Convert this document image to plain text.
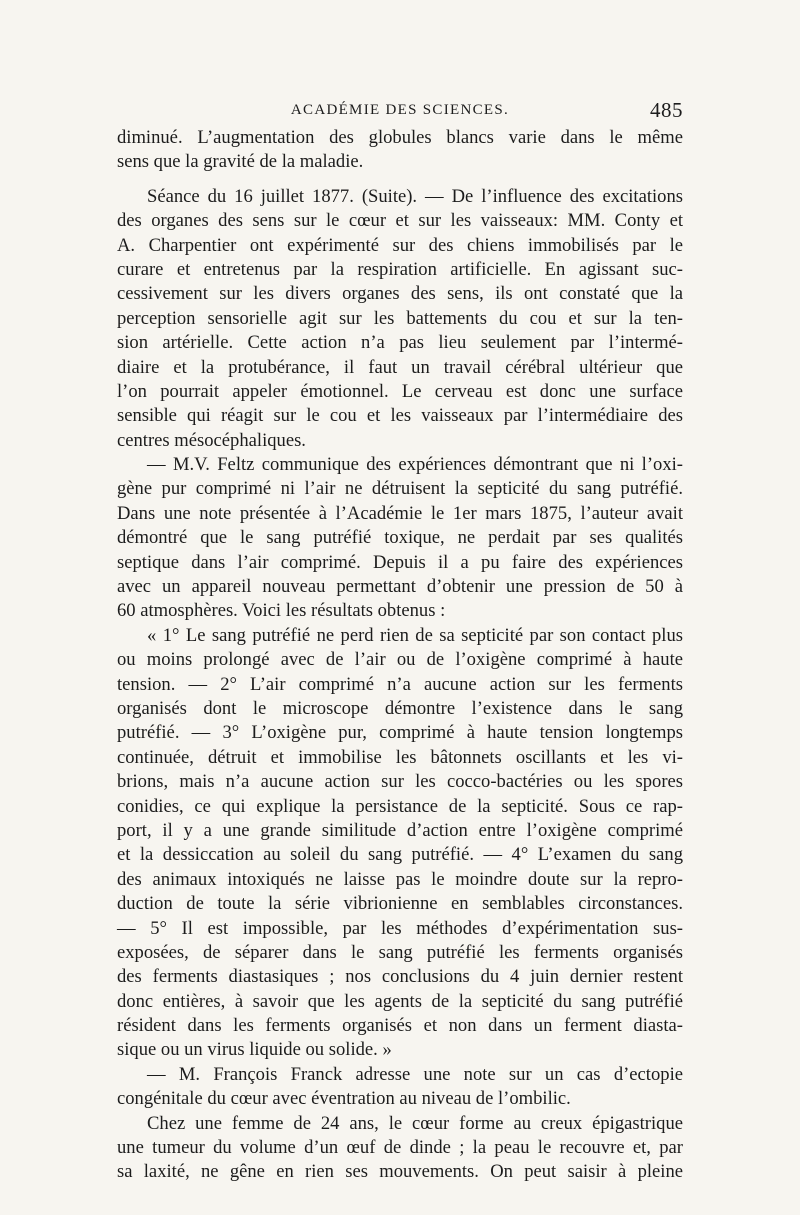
ACADÉMIE DES SCIENCES.	485
diminué. L’augmentation des globules blancs varie dans le même
sens que la gravité de la maladie.
Séance du 16 juillet 1877. (Suite). — De l’influence des excitations
des organes des sens sur le cœur et sur les vaisseaux: MM. Conty et
A. Charpentier ont expérimenté sur des chiens immobilisés par le
curare et entretenus par la respiration artificielle. En agissant suc-
cessivement sur les divers organes des sens, ils ont constaté que la
perception sensorielle agit sur les battements du cou et sur la ten-
sion artérielle. Cette action n’a pas lieu seulement par l’intermé-
diaire et la protubérance, il faut un travail cérébral ultérieur que
l’on pourrait appeler émotionnel. Le cerveau est donc une surface
sensible qui réagit sur le cou et les vaisseaux par l’intermédiaire des
centres mésocéphaliques.
— M.V. Feltz communique des expériences démontrant que ni l’oxi-
gène pur comprimé ni l’air ne détruisent la septicité du sang putréfié.
Dans une note présentée à l’Académie le 1er mars 1875, l’auteur avait
démontré que le sang putréfié toxique, ne perdait par ses qualités
septique dans l’air comprimé. Depuis il a pu faire des expériences
avec un appareil nouveau permettant d’obtenir une pression de 50 à
60 atmosphères. Voici les résultats obtenus :
« 1° Le sang putréfié ne perd rien de sa septicité par son contact plus
ou moins prolongé avec de l’air ou de l’oxigène comprimé à haute
tension. — 2° L’air comprimé n’a aucune action sur les ferments
organisés dont le microscope démontre l’existence dans le sang
putréfié. — 3° L’oxigène pur, comprimé à haute tension longtemps
continuée, détruit et immobilise les bâtonnets oscillants et les vi-
brions, mais n’a aucune action sur les cocco-bactéries ou les spores
conidies, ce qui explique la persistance de la septicité. Sous ce rap-
port, il y a une grande similitude d’action entre l’oxigène comprimé
et la dessiccation au soleil du sang putréfié. — 4° L’examen du sang
des animaux intoxiqués ne laisse pas le moindre doute sur la repro-
duction de toute la série vibrionienne en semblables circonstances.
— 5° Il est impossible, par les méthodes d’expérimentation sus-
exposées, de séparer dans le sang putréfié les ferments organisés
des ferments diastasiques ; nos conclusions du 4 juin dernier restent
donc entières, à savoir que les agents de la septicité du sang putréfié
résident dans les ferments organisés et non dans un ferment diasta-
sique ou un virus liquide ou solide. »
— M. François Franck adresse une note sur un cas d’ectopie
congénitale du cœur avec éventration au niveau de l’ombilic.
Chez une femme de 24 ans, le cœur forme au creux épigastrique
une tumeur du volume d’un œuf de dinde ; la peau le recouvre et, par
sa laxité, ne gêne en rien ses mouvements. On peut saisir à pleine
